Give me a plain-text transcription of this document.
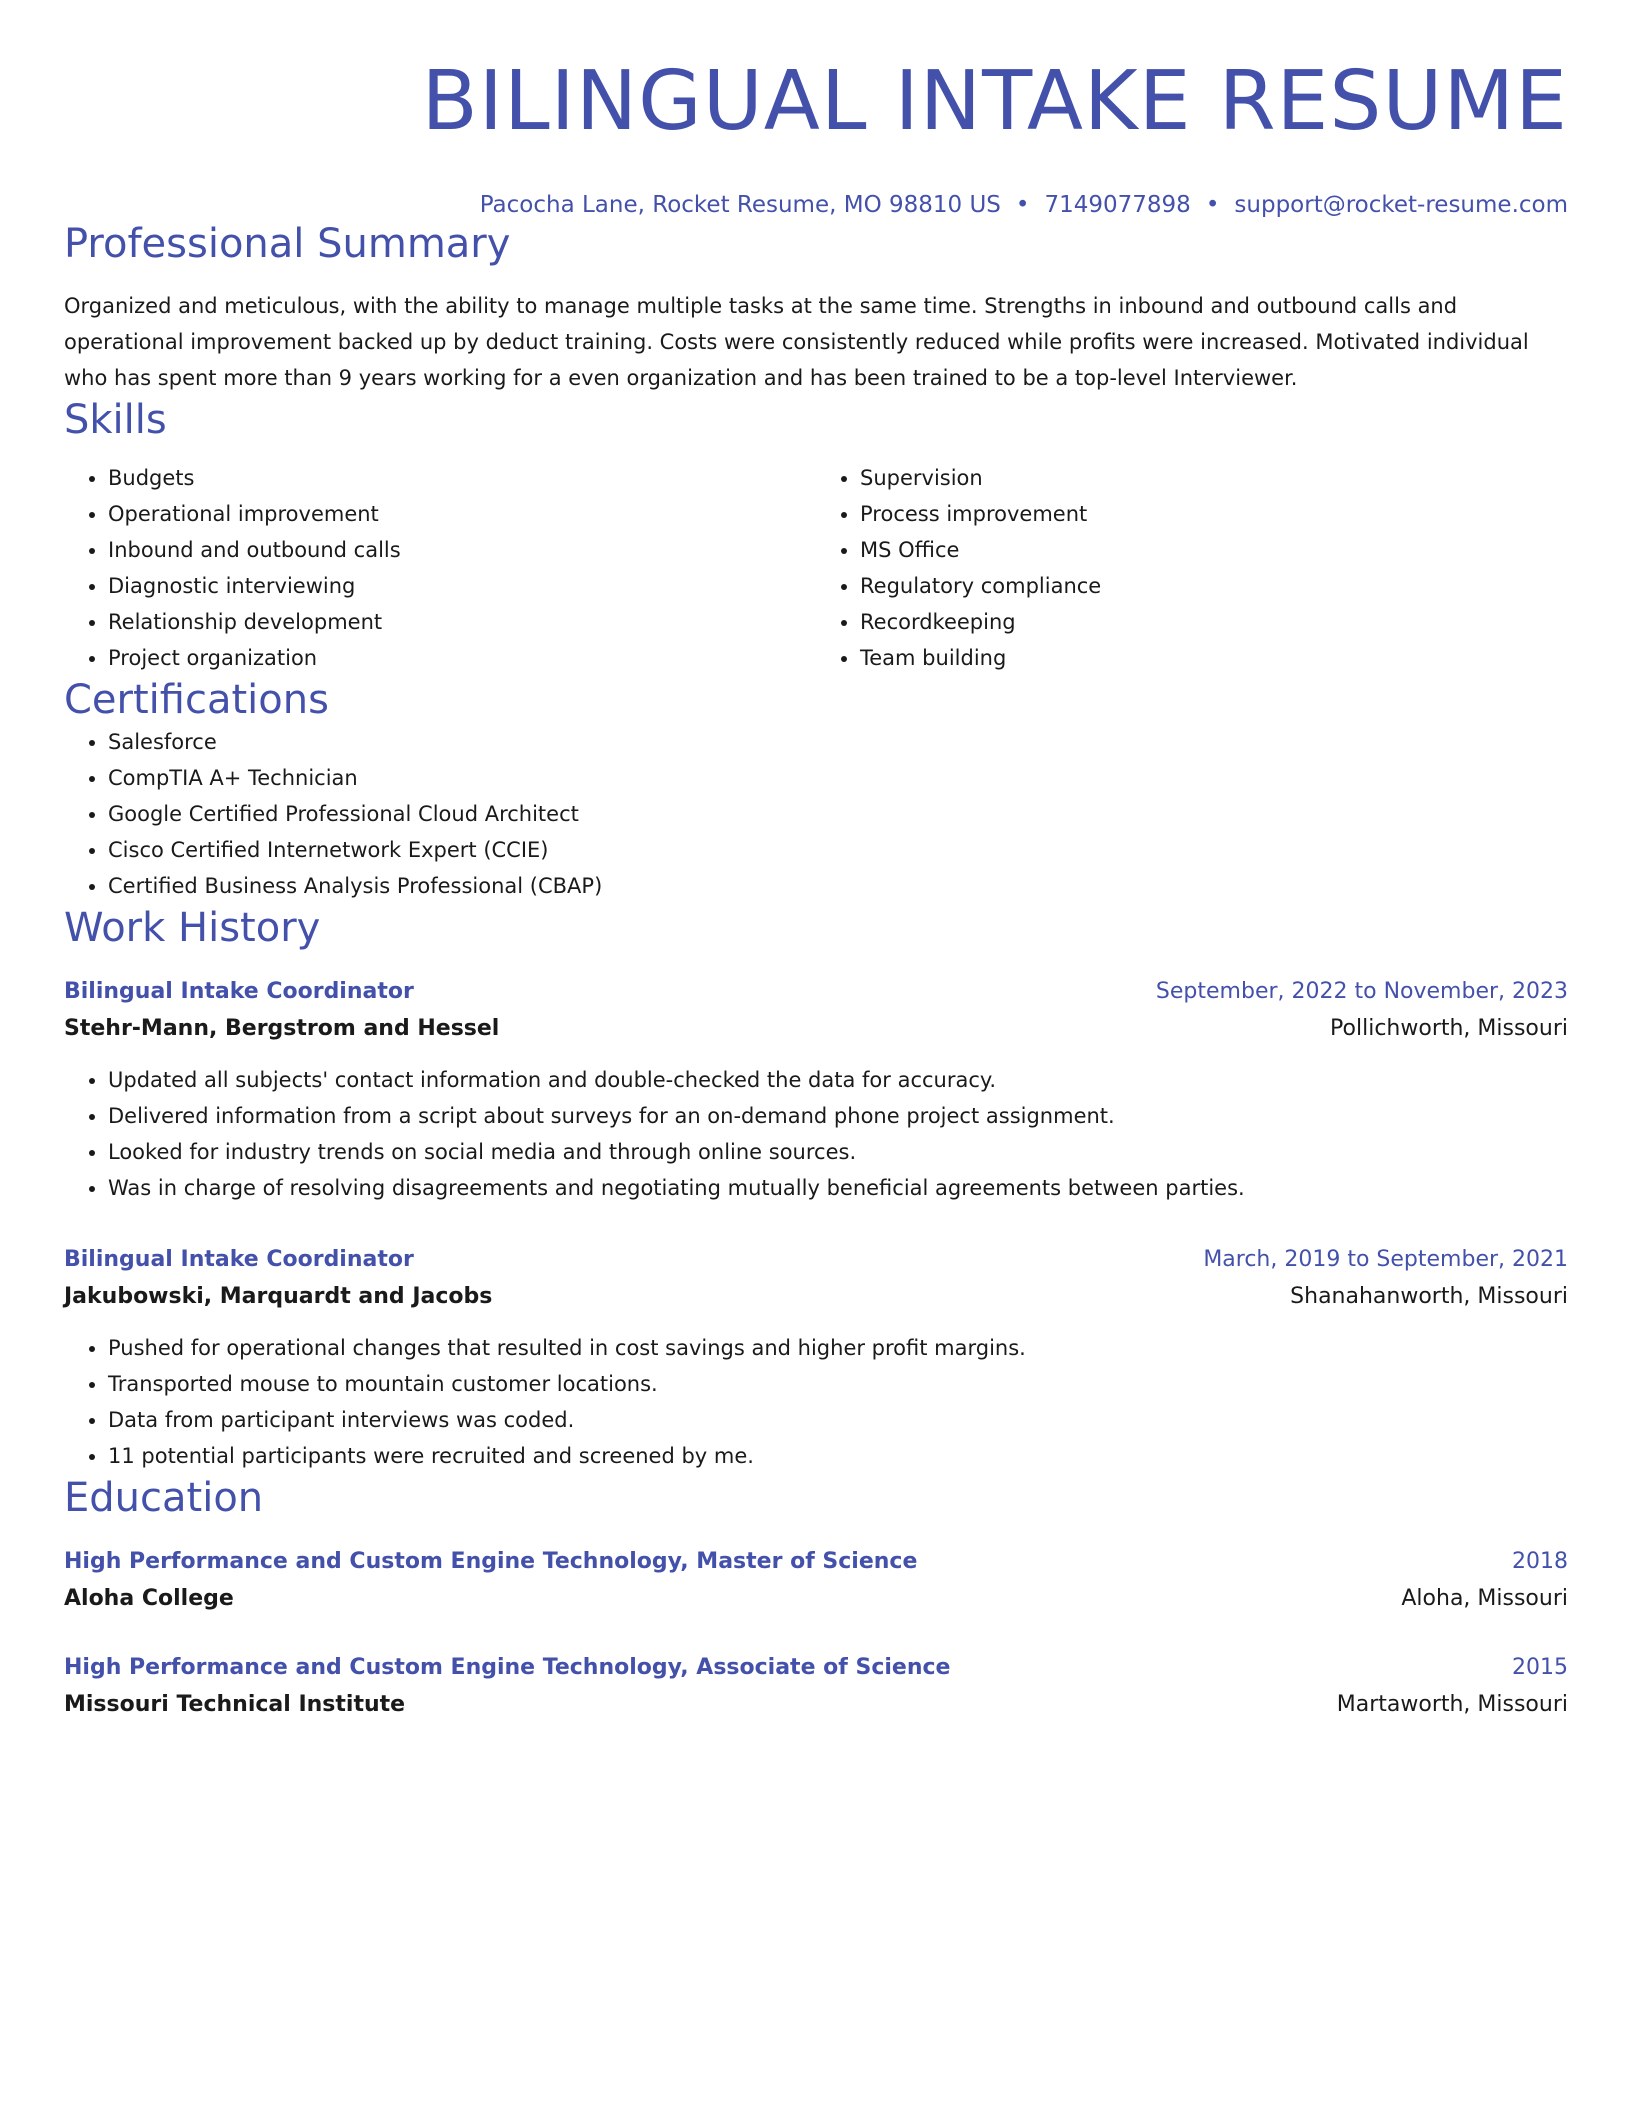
BILINGUAL INTAKE RESUME
Pacocha Lane, Rocket Resume, MO 98810 US • 7149077898 • support@rocket-resume.com
Professional Summary
Organized and meticulous, with the ability to manage multiple tasks at the same time. Strengths in inbound and outbound calls and operational improvement backed up by deduct training. Costs were consistently reduced while profits were increased. Motivated individual who has spent more than 9 years working for a even organization and has been trained to be a top-level Interviewer.
Skills
• Budgets
• Operational improvement
• Inbound and outbound calls
• Diagnostic interviewing
• Relationship development
• Project organization
• Supervision
• Process improvement
• MS Office
• Regulatory compliance
• Recordkeeping
• Team building
Certifications
• Salesforce
• CompTIA A+ Technician
• Google Certified Professional Cloud Architect
• Cisco Certified Internetwork Expert (CCIE)
• Certified Business Analysis Professional (CBAP)
Work History
Bilingual Intake Coordinator	September, 2022 to November, 2023
Stehr-Mann, Bergstrom and Hessel	Pollichworth, Missouri
• Updated all subjects' contact information and double-checked the data for accuracy.
• Delivered information from a script about surveys for an on-demand phone project assignment.
• Looked for industry trends on social media and through online sources.
• Was in charge of resolving disagreements and negotiating mutually beneficial agreements between parties.
Bilingual Intake Coordinator	March, 2019 to September, 2021
Jakubowski, Marquardt and Jacobs	Shanahanworth, Missouri
• Pushed for operational changes that resulted in cost savings and higher profit margins.
• Transported mouse to mountain customer locations.
• Data from participant interviews was coded.
• 11 potential participants were recruited and screened by me.
Education
High Performance and Custom Engine Technology, Master of Science	2018
Aloha College	Aloha, Missouri
High Performance and Custom Engine Technology, Associate of Science	2015
Missouri Technical Institute	Martaworth, Missouri
